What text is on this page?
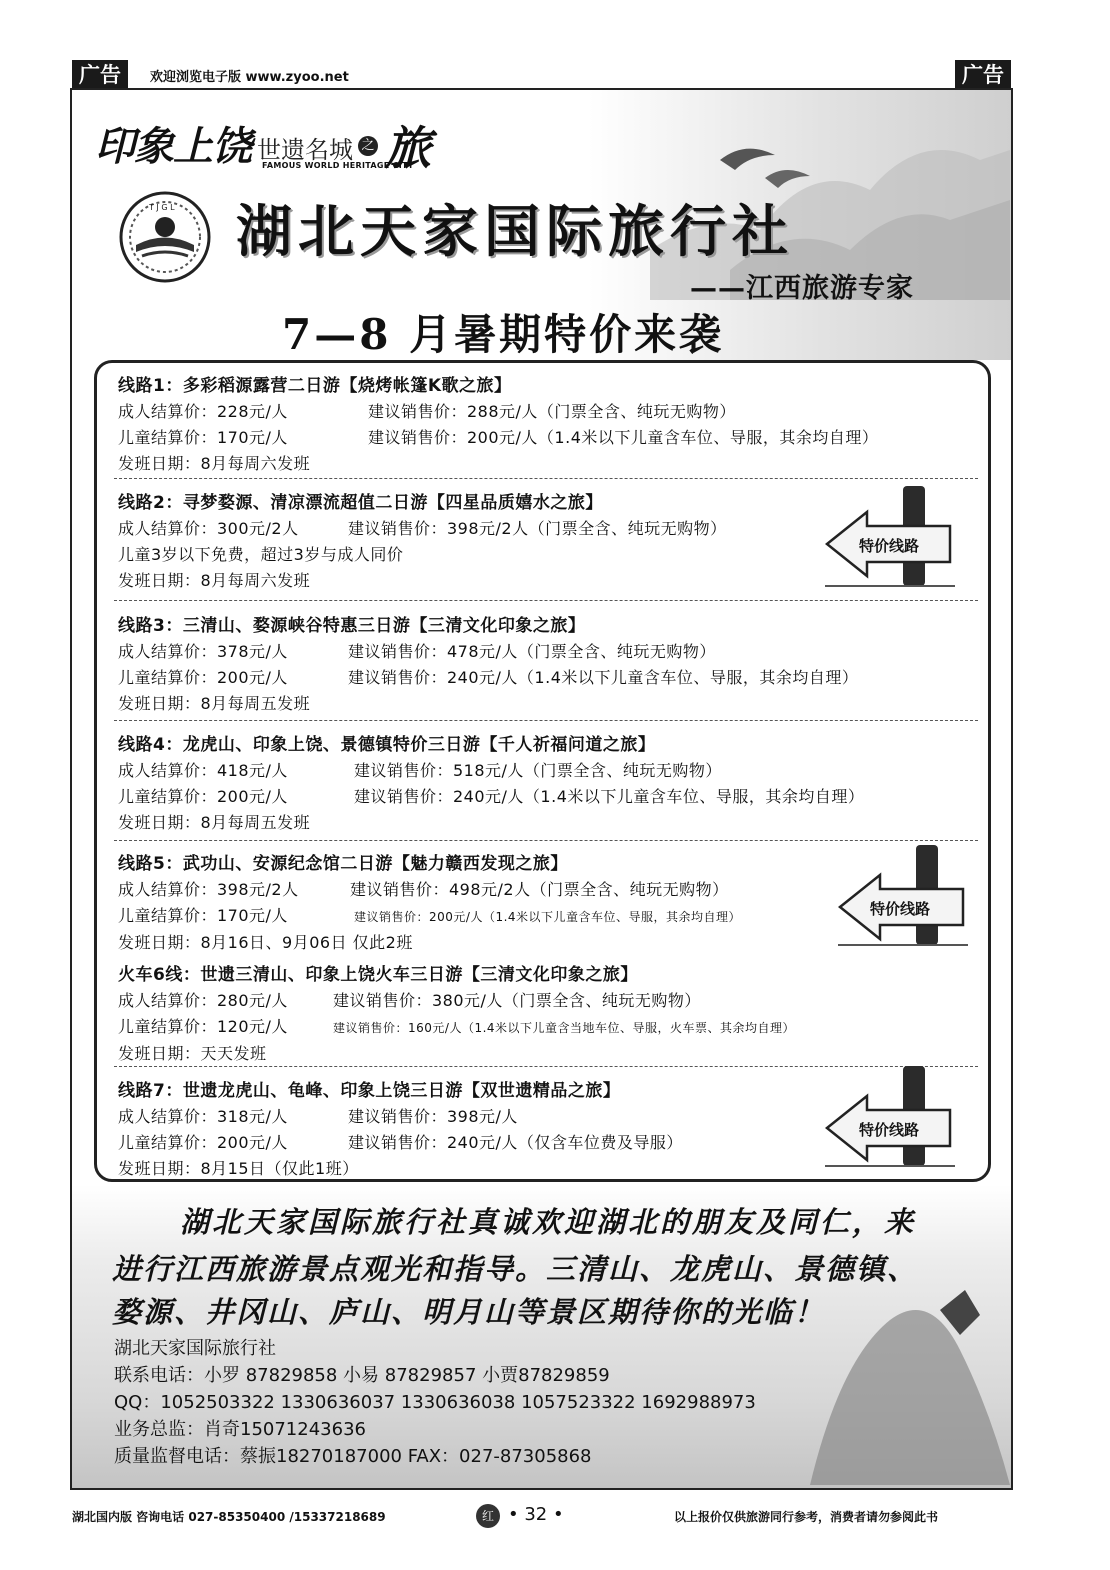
广告	欢迎浏览电子版 www.zyoo.net	广告
印象上饶 世遗名城 之 旅
FAMOUS WORLD HERITAGE CITY
T J G L 湖北天家国际旅行社
——江西旅游专家
7—8 月暑期特价来袭
线路1：多彩稻源露营二日游【烧烤帐篷K歌之旅】
成人结算价：228元/人	建议销售价：288元/人（门票全含、纯玩无购物）
儿童结算价：170元/人	建议销售价：200元/人（1.4米以下儿童含车位、导服，其余均自理）
发班日期：8月每周六发班
线路2：寻梦婺源、清凉漂流超值二日游【四星品质嬉水之旅】
成人结算价：300元/2人	建议销售价：398元/2人（门票全含、纯玩无购物）
儿童3岁以下免费，超过3岁与成人同价
发班日期：8月每周六发班
线路3：三清山、婺源峡谷特惠三日游【三清文化印象之旅】
成人结算价：378元/人	建议销售价：478元/人（门票全含、纯玩无购物）
儿童结算价：200元/人	建议销售价：240元/人（1.4米以下儿童含车位、导服，其余均自理）
发班日期：8月每周五发班
线路4：龙虎山、印象上饶、景德镇特价三日游【千人祈福问道之旅】
成人结算价：418元/人	建议销售价：518元/人（门票全含、纯玩无购物）
儿童结算价：200元/人	建议销售价：240元/人（1.4米以下儿童含车位、导服，其余均自理）
发班日期：8月每周五发班
线路5：武功山、安源纪念馆二日游【魅力赣西发现之旅】
成人结算价：398元/2人	建议销售价：498元/2人（门票全含、纯玩无购物）
儿童结算价：170元/人	建议销售价：200元/人（1.4米以下儿童含车位、导服，其余均自理）
发班日期：8月16日、9月06日 仅此2班
火车6线：世遗三清山、印象上饶火车三日游【三清文化印象之旅】
成人结算价：280元/人	建议销售价：380元/人（门票全含、纯玩无购物）
儿童结算价：120元/人	建议销售价：160元/人（1.4米以下儿童含当地车位、导服，火车票、其余均自理）
发班日期：天天发班
线路7：世遗龙虎山、龟峰、印象上饶三日游【双世遗精品之旅】
成人结算价：318元/人	建议销售价：398元/人
儿童结算价：200元/人	建议销售价：240元/人（仅含车位费及导服）
发班日期：8月15日（仅此1班）
特价线路
特价线路
特价线路
湖北天家国际旅行社真诚欢迎湖北的朋友及同仁，来
进行江西旅游景点观光和指导。三清山、龙虎山、景德镇、
婺源、井冈山、庐山、明月山等景区期待你的光临！
湖北天家国际旅行社
联系电话：小罗 87829858 小易 87829857 小贾87829859
QQ：1052503322 1330636037 1330636038 1057523322 1692988973
业务总监：肖奇15071243636
质量监督电话：蔡振18270187000 FAX：027-87305868
湖北国内版 咨询电话 027-85350400 /15337218689	红 • 32 •	以上报价仅供旅游同行参考，消费者请勿参阅此书
